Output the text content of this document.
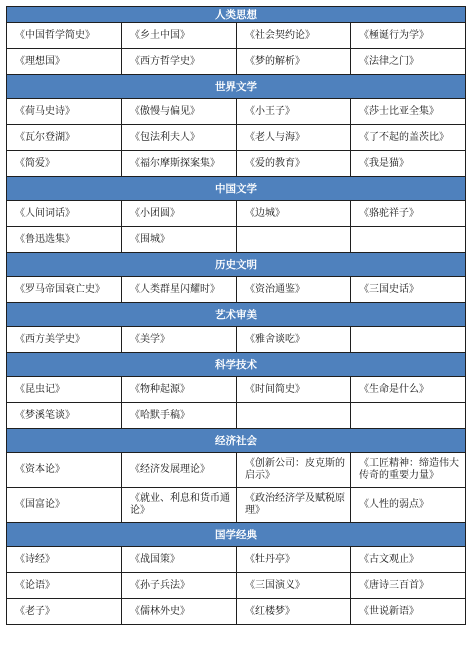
人类思想			
《中国哲学简史》	《乡土中国》	《社会契约论》	《極诞行为学》
《理想国》	《西方哲学史》	《梦的解析》	《法律之门》
世界文学			
《荷马史诗》	《傲慢与偏见》	《小王子》	《莎士比亚全集》
《瓦尔登湖》	《包法利夫人》	《老人与海》	《了不起的盖茨比》
《简爱》	《福尔摩斯探案集》	《爱的教育》	《我是猫》
中国文学			
《人间词话》	《小团圆》	《边城》	《骆驼祥子》
《鲁迅选集》	《围城》		
历史文明			
《罗马帝国衰亡史》	《人类群星闪耀时》	《资治通鉴》	《三国史话》
艺术审美			
《西方美学史》	《美学》	《雅舍谈吃》	
科学技术			
《昆虫记》	《物种起源》	《时间简史》	《生命是什么》
《梦溪笔谈》	《哈默手稿》		
经济社会			
《资本论》	《经济发展理论》	《创新公司：皮克斯的启示》	《工匠精神：缔造伟大传奇的重要力量》
《国富论》	《就业、利息和货币通论》	《政治经济学及赋税原理》	《人性的弱点》
国学经典			
《诗经》	《战国策》	《牡丹亭》	《古文观止》
《论语》	《孙子兵法》	《三国演义》	《唐诗三百首》
《老子》	《儒林外史》	《红楼梦》	《世说新语》
